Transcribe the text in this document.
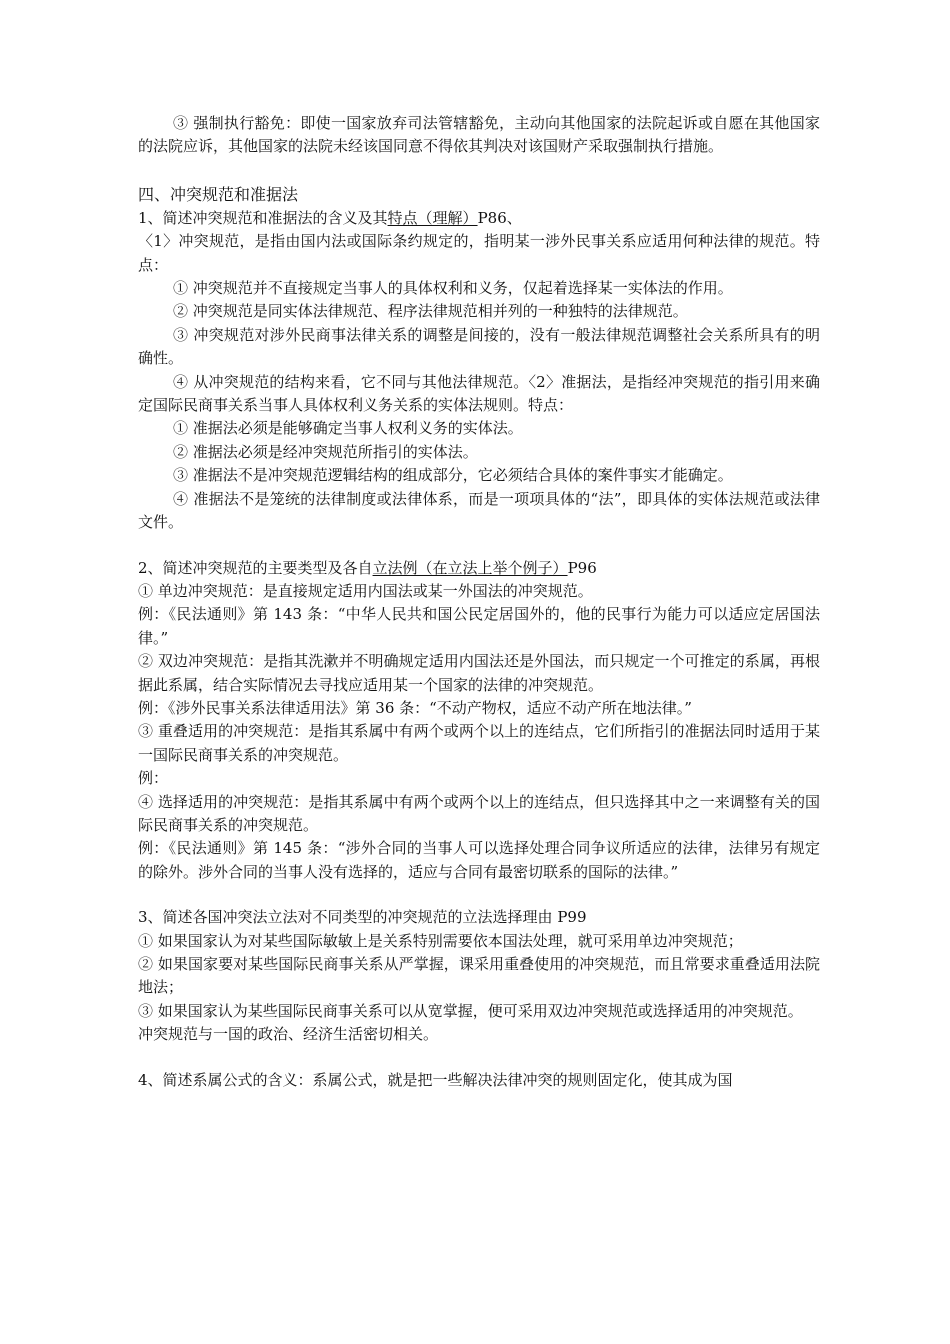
③ 强制执行豁免：即使一国家放弃司法管辖豁免，主动向其他国家的法院起诉或自愿在其他国家的法院应诉，其他国家的法院未经该国同意不得依其判决对该国财产采取强制执行措施。

四、冲突规范和准据法

1、简述冲突规范和准据法的含义及其特点（理解）P86、

〈1〉冲突规范，是指由国内法或国际条约规定的，指明某一涉外民事关系应适用何种法律的规范。特点：

① 冲突规范并不直接规定当事人的具体权利和义务，仅起着选择某一实体法的作用。

② 冲突规范是同实体法律规范、程序法律规范相并列的一种独特的法律规范。

③ 冲突规范对涉外民商事法律关系的调整是间接的，没有一般法律规范调整社会关系所具有的明确性。

④ 从冲突规范的结构来看，它不同与其他法律规范。〈2〉准据法，是指经冲突规范的指引用来确定国际民商事关系当事人具体权利义务关系的实体法规则。特点：

① 准据法必须是能够确定当事人权利义务的实体法。

② 准据法必须是经冲突规范所指引的实体法。

③ 准据法不是冲突规范逻辑结构的组成部分，它必须结合具体的案件事实才能确定。

④ 准据法不是笼统的法律制度或法律体系，而是一项项具体的“法”，即具体的实体法规范或法律文件。

2、简述冲突规范的主要类型及各自立法例（在立法上举个例子）P96

① 单边冲突规范：是直接规定适用内国法或某一外国法的冲突规范。

例：《民法通则》第 143 条：“中华人民共和国公民定居国外的，他的民事行为能力可以适应定居国法律。”

② 双边冲突规范：是指其洗漱并不明确规定适用内国法还是外国法，而只规定一个可推定的系属，再根据此系属，结合实际情况去寻找应适用某一个国家的法律的冲突规范。

例：《涉外民事关系法律适用法》第 36 条：“不动产物权，适应不动产所在地法律。”

③ 重叠适用的冲突规范：是指其系属中有两个或两个以上的连结点，它们所指引的准据法同时适用于某一国际民商事关系的冲突规范。

例：

④ 选择适用的冲突规范：是指其系属中有两个或两个以上的连结点，但只选择其中之一来调整有关的国际民商事关系的冲突规范。

例：《民法通则》第 145 条：“涉外合同的当事人可以选择处理合同争议所适应的法律，法律另有规定的除外。涉外合同的当事人没有选择的，适应与合同有最密切联系的国际的法律。”

3、简述各国冲突法立法对不同类型的冲突规范的立法选择理由 P99

① 如果国家认为对某些国际敏敏上是关系特别需要依本国法处理，就可采用单边冲突规范；

② 如果国家要对某些国际民商事关系从严掌握，课采用重叠使用的冲突规范，而且常要求重叠适用法院地法；

③ 如果国家认为某些国际民商事关系可以从宽掌握，便可采用双边冲突规范或选择适用的冲突规范。

冲突规范与一国的政治、经济生活密切相关。

4、简述系属公式的含义：系属公式，就是把一些解决法律冲突的规则固定化，使其成为国
